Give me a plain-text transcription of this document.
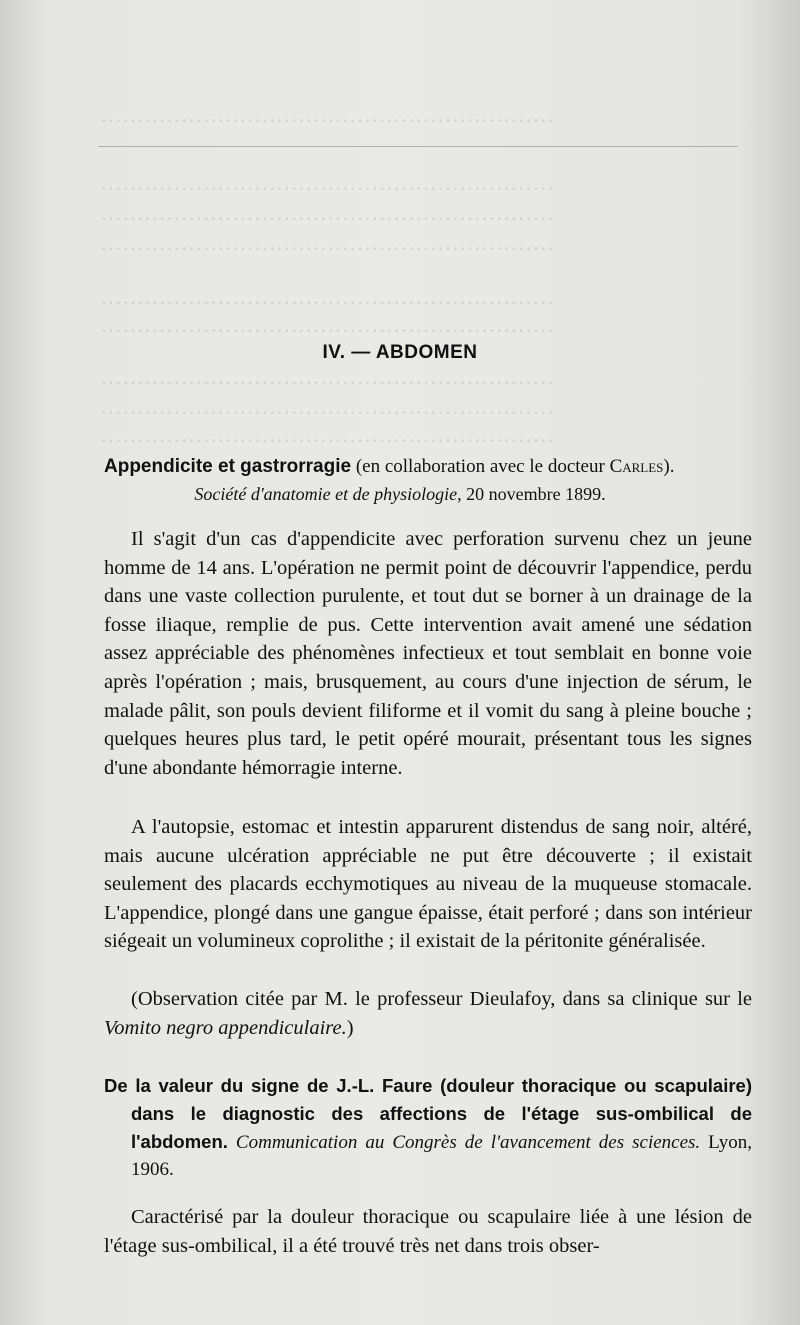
······························································
······························································
······························································
······························································
······························································
······························································
······························································
······························································
······························································
IV. — ABDOMEN
Appendicite et gastrorragie (en collaboration avec le docteur Carles).
Société d'anatomie et de physiologie, 20 novembre 1899.

Il s'agit d'un cas d'appendicite avec perforation survenu chez un jeune homme de 14 ans. L'opération ne permit point de découvrir l'appendice, perdu dans une vaste collection purulente, et tout dut se borner à un drainage de la fosse iliaque, remplie de pus. Cette intervention avait amené une sédation assez appréciable des phénomènes infectieux et tout semblait en bonne voie après l'opération ; mais, brusquement, au cours d'une injection de sérum, le malade pâlit, son pouls devient filiforme et il vomit du sang à pleine bouche ; quelques heures plus tard, le petit opéré mourait, présentant tous les signes d'une abondante hémorragie interne.

A l'autopsie, estomac et intestin apparurent distendus de sang noir, altéré, mais aucune ulcération appréciable ne put être découverte ; il existait seulement des placards ecchymotiques au niveau de la muqueuse stomacale. L'appendice, plongé dans une gangue épaisse, était perforé ; dans son intérieur siégeait un volumineux coprolithe ; il existait de la péritonite généralisée.

(Observation citée par M. le professeur Dieulafoy, dans sa clinique sur le Vomito negro appendiculaire.)

De la valeur du signe de J.-L. Faure (douleur thoracique ou scapulaire) dans le diagnostic des affections de l'étage sus-ombilical de l'abdomen. Communication au Congrès de l'avancement des sciences. Lyon, 1906.

Caractérisé par la douleur thoracique ou scapulaire liée à une lésion de l'étage sus-ombilical, il a été trouvé très net dans trois obser-
